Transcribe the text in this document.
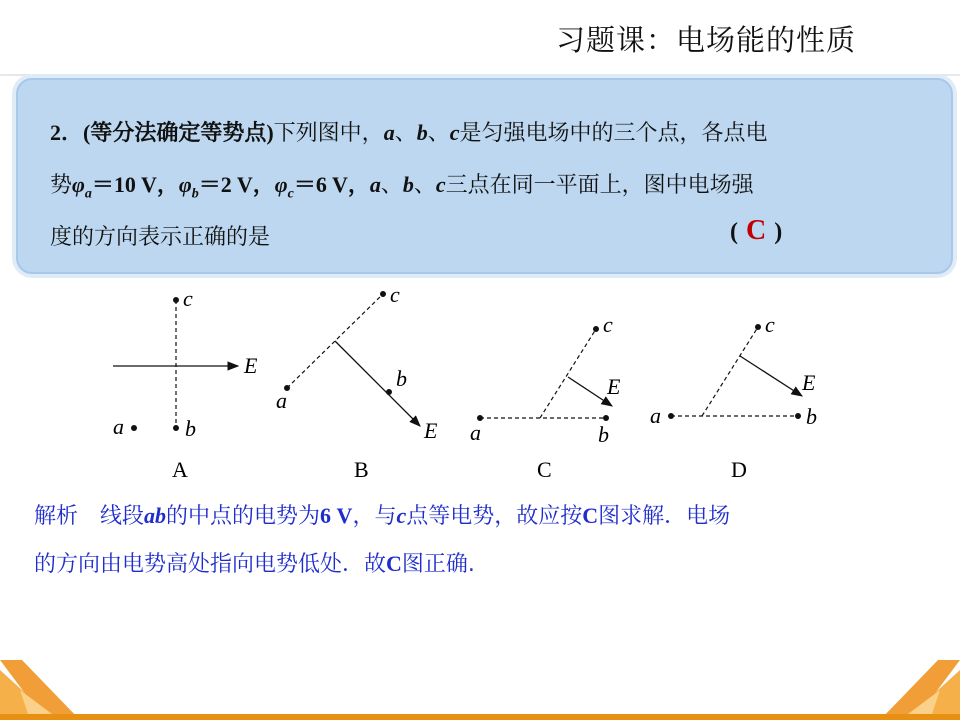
习题课：电场能的性质
2．(等分法确定等势点)下列图中，a、b、c是匀强电场中的三个点，各点电
势$\varphi_a=10$ V，$\varphi_b=2$ V，$\varphi_c=6$ V，a、b、c三点在同一平面上，图中电场强
度的方向表示正确的是	( C )
c
b
a
E
A
c
a
b
E
B
c
a	b
E
C
c
a	b
E
D
解析 线段ab的中点的电势为6 V，与c点等电势，故应按C图求解．电场
的方向由电势高处指向电势低处．故C图正确.
